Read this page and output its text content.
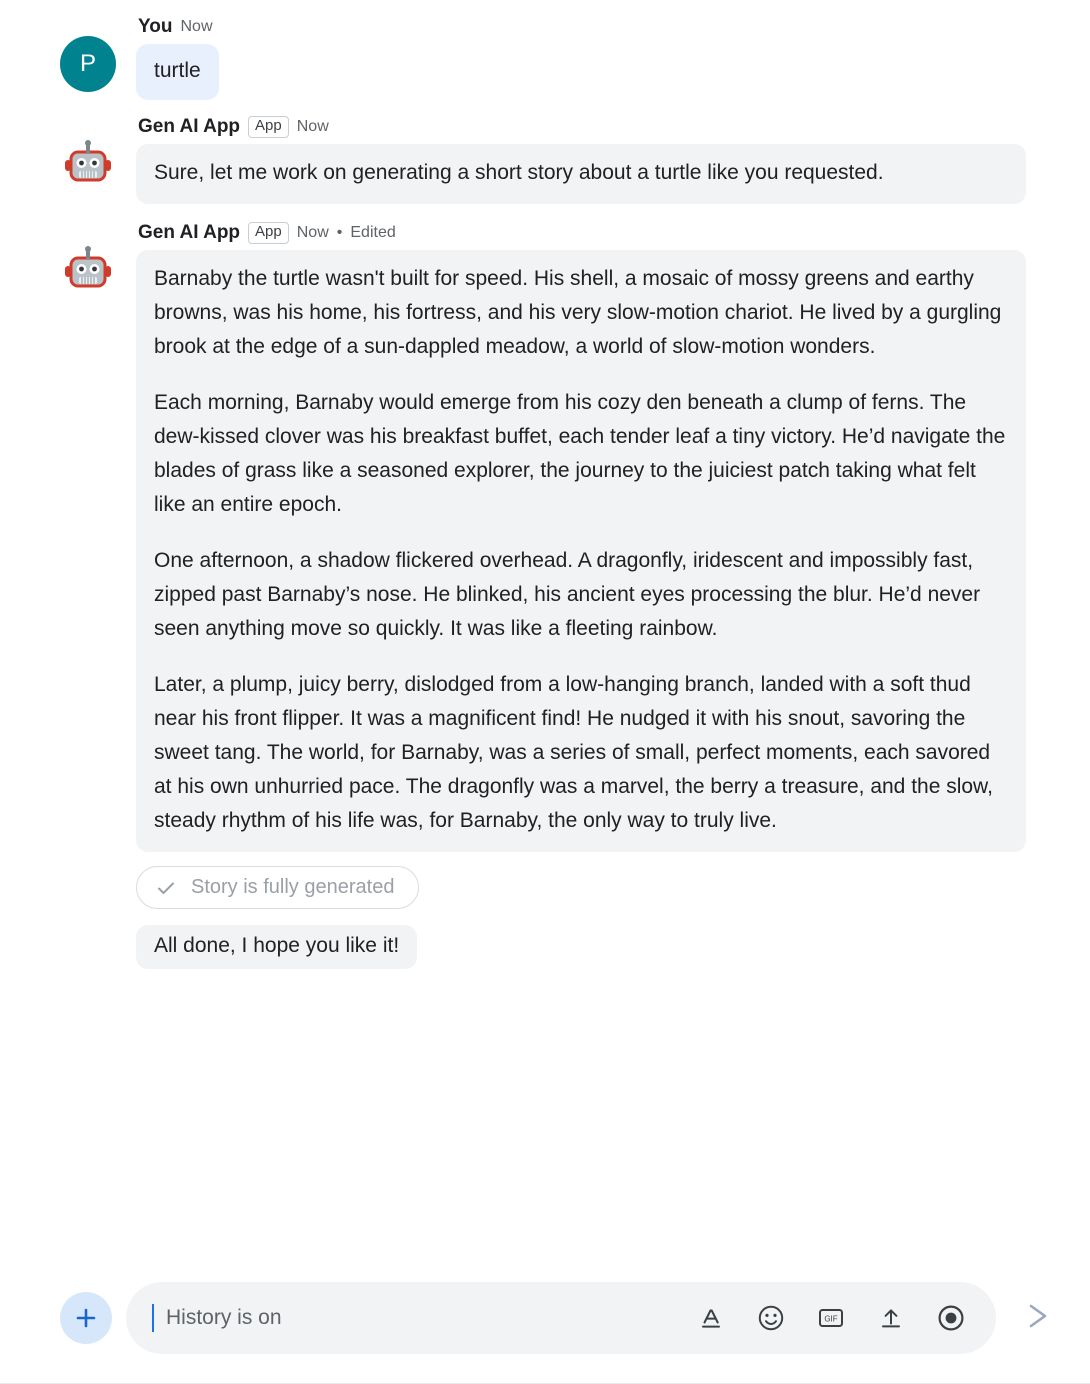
P
You Now
turtle
Gen AI App	App Now
Sure, let me work on generating a short story about a turtle like you requested.
Gen AI App	App Now • Edited

Barnaby the turtle wasn't built for speed. His shell, a mosaic of mossy greens and earthy browns, was his home, his fortress, and his very slow-motion chariot. He lived by a gurgling brook at the edge of a sun-dappled meadow, a world of slow-motion wonders.

Each morning, Barnaby would emerge from his cozy den beneath a clump of ferns. The dew-kissed clover was his breakfast buffet, each tender leaf a tiny victory. He’d navigate the blades of grass like a seasoned explorer, the journey to the juiciest patch taking what felt like an entire epoch.

One afternoon, a shadow flickered overhead. A dragonfly, iridescent and impossibly fast, zipped past Barnaby’s nose. He blinked, his ancient eyes processing the blur. He’d never seen anything move so quickly. It was like a fleeting rainbow.

Later, a plump, juicy berry, dislodged from a low-hanging branch, landed with a soft thud near his front flipper. It was a magnificent find! He nudged it with his snout, savoring the sweet tang. The world, for Barnaby, was a series of small, perfect moments, each savored at his own unhurried pace. The dragonfly was a marvel, the berry a treasure, and the slow, steady rhythm of his life was, for Barnaby, the only way to truly live.

Story is fully generated
All done, I hope you like it!
History is on
GIF
